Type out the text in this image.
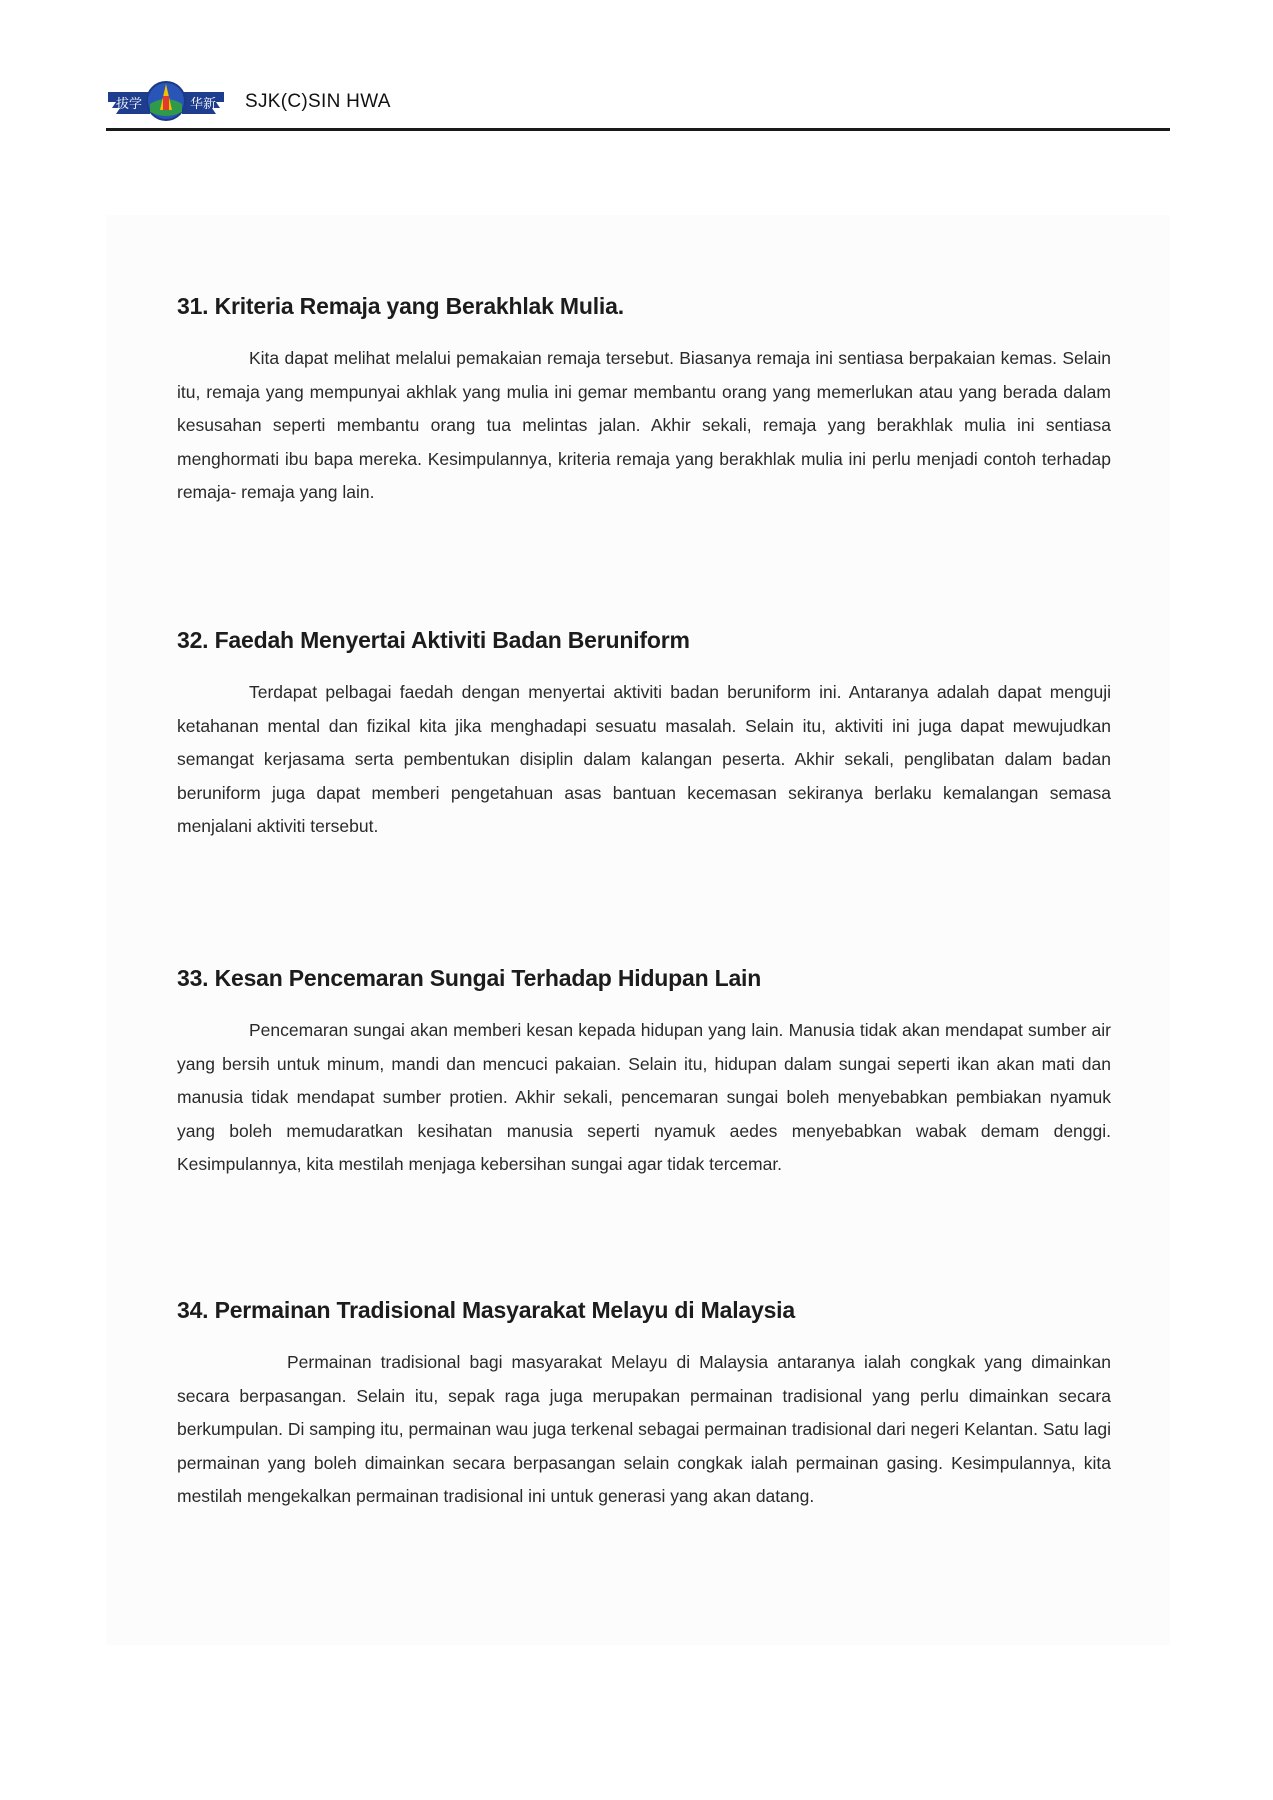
拔学	华新 SJK(C)SIN HWA
31. Kriteria Remaja yang Berakhlak Mulia.

Kita dapat melihat melalui pemakaian remaja tersebut. Biasanya remaja ini sentiasa berpakaian kemas. Selain itu, remaja yang mempunyai akhlak yang mulia ini gemar membantu orang yang memerlukan atau yang berada dalam kesusahan seperti membantu orang tua melintas jalan. Akhir sekali, remaja yang berakhlak mulia ini sentiasa menghormati ibu bapa mereka. Kesimpulannya, kriteria remaja yang berakhlak mulia ini perlu menjadi contoh terhadap remaja- remaja yang lain.

32. Faedah Menyertai Aktiviti Badan Beruniform

Terdapat pelbagai faedah dengan menyertai aktiviti badan beruniform ini. Antaranya adalah dapat menguji ketahanan mental dan fizikal kita jika menghadapi sesuatu masalah. Selain itu, aktiviti ini juga dapat mewujudkan semangat kerjasama serta pembentukan disiplin dalam kalangan peserta. Akhir sekali, penglibatan dalam badan beruniform juga dapat memberi pengetahuan asas bantuan kecemasan sekiranya berlaku kemalangan semasa menjalani aktiviti tersebut.

33. Kesan Pencemaran Sungai Terhadap Hidupan Lain

Pencemaran sungai akan memberi kesan kepada hidupan yang lain. Manusia tidak akan mendapat sumber air yang bersih untuk minum, mandi dan mencuci pakaian. Selain itu, hidupan dalam sungai seperti ikan akan mati dan manusia tidak mendapat sumber protien. Akhir sekali, pencemaran sungai boleh menyebabkan pembiakan nyamuk yang boleh memudaratkan kesihatan manusia seperti nyamuk aedes menyebabkan wabak demam denggi. Kesimpulannya, kita mestilah menjaga kebersihan sungai agar tidak tercemar.

34. Permainan Tradisional Masyarakat Melayu di Malaysia

Permainan tradisional bagi masyarakat Melayu di Malaysia antaranya ialah congkak yang dimainkan secara berpasangan. Selain itu, sepak raga juga merupakan permainan tradisional yang perlu dimainkan secara berkumpulan. Di samping itu, permainan wau juga terkenal sebagai permainan tradisional dari negeri Kelantan. Satu lagi permainan yang boleh dimainkan secara berpasangan selain congkak ialah permainan gasing. Kesimpulannya, kita mestilah mengekalkan permainan tradisional ini untuk generasi yang akan datang.
